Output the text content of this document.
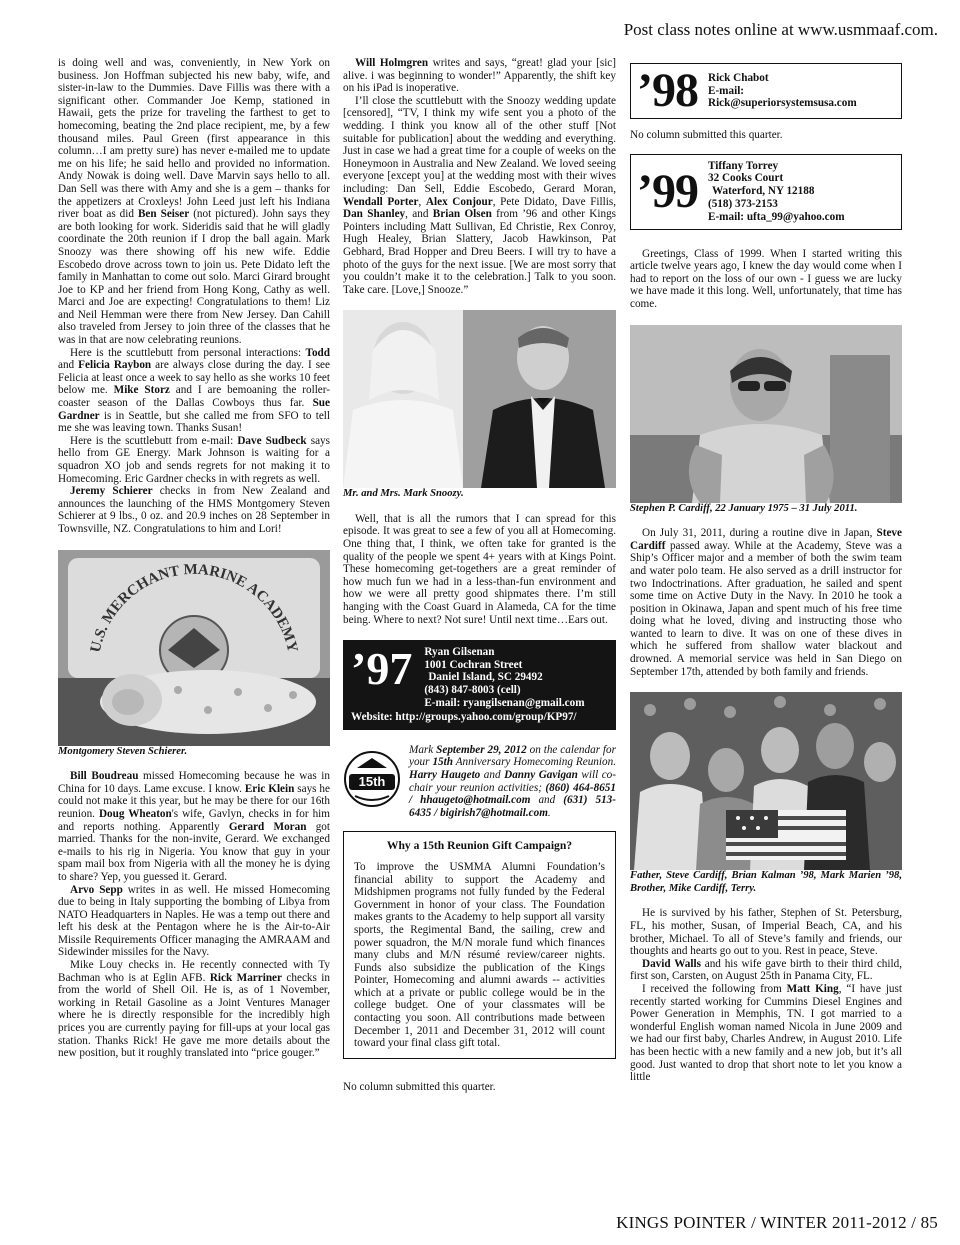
Post class notes online at www.usmmaaf.com.

is doing well and was, conveniently, in New York on business. Jon Hoffman subjected his new baby, wife, and sister-in-law to the Dummies. Dave Fillis was there with a significant other. Commander Joe Kemp, stationed in Hawaii, gets the prize for traveling the farthest to get to homecoming, beating the 2nd place recipient, me, by a few thousand miles. Paul Green (first appearance in this column…I am pretty sure) has never e-mailed me to update me on his life; he said hello and provided no information. Andy Nowak is doing well. Dave Marvin says hello to all. Dan Sell was there with Amy and she is a gem – thanks for the appetizers at Croxleys! John Leed just left his Indiana river boat as did Ben Seiser (not pictured). John says they are both looking for work. Sideridis said that he will gladly coordinate the 20th reunion if I drop the ball again. Mark Snoozy was there showing off his new wife. Eddie Escobedo drove across town to join us. Pete Didato left the family in Manhattan to come out solo. Marci Girard brought Joe to KP and her friend from Hong Kong, Cathy as well. Marci and Joe are expecting! Congratulations to them! Liz and Neil Hemman were there from New Jersey. Dan Cahill also traveled from Jersey to join three of the classes that he was in that are now celebrating reunions.

Here is the scuttlebutt from personal interactions: Todd and Felicia Raybon are always close during the day. I see Felicia at least once a week to say hello as she works 10 feet below me. Mike Storz and I are bemoaning the roller-coaster season of the Dallas Cowboys thus far. Sue Gardner is in Seattle, but she called me from SFO to tell me she was leaving town. Thanks Susan!

Here is the scuttlebutt from e-mail: Dave Sudbeck says hello from GE Energy. Mark Johnson is waiting for a squadron XO job and sends regrets for not making it to Homecoming. Eric Gardner checks in with regrets as well.

Jeremy Schierer checks in from New Zealand and announces the launching of the HMS Montgomery Steven Schierer at 9 lbs., 0 oz. and 20.9 inches on 28 September in Townsville, NZ. Congratulations to him and Lori!

U.S. MERCHANT MARINE ACADEMY

Montgomery Steven Schierer.

Bill Boudreau missed Homecoming because he was in China for 10 days. Lame excuse. I know. Eric Klein says he could not make it this year, but he may be there for our 16th reunion. Doug Wheaton's wife, Gavlyn, checks in for him and reports nothing. Apparently Gerard Moran got married. Thanks for the non-invite, Gerard. We exchanged e-mails to his rig in Nigeria. You know that guy in your spam mail box from Nigeria with all the money he is dying to share? Yep, you guessed it. Gerard.

Arvo Sepp writes in as well. He missed Homecoming due to being in Italy supporting the bombing of Libya from NATO Headquarters in Naples. He was a temp out there and left his desk at the Pentagon where he is the Air-to-Air Missile Requirements Officer managing the AMRAAM and Sidewinder missiles for the Navy.

Mike Louy checks in. He recently connected with Ty Bachman who is at Eglin AFB. Rick Marriner checks in from the world of Shell Oil. He is, as of 1 November, working in Retail Gasoline as a Joint Ventures Manager where he is directly responsible for the incredibly high prices you are currently paying for fill-ups at your local gas station. Thanks Rick! He gave me more details about the new position, but it roughly translated into “price gouger.”

Will Holmgren writes and says, “great! glad your [sic] alive. i was beginning to wonder!” Apparently, the shift key on his iPad is inoperative.

I’ll close the scuttlebutt with the Snoozy wedding update [censored], “TV, I think my wife sent you a photo of the wedding. I think you know all of the other stuff [Not suitable for publication] about the wedding and everything. Just in case we had a great time for a couple of weeks on the Honeymoon in Australia and New Zealand. We loved seeing everyone [except you] at the wedding most with their wives including: Dan Sell, Eddie Escobedo, Gerard Moran, Wendall Porter, Alex Conjour, Pete Didato, Dave Fillis, Dan Shanley, and Brian Olsen from ’96 and other Kings Pointers including Matt Sullivan, Ed Christie, Rex Conroy, Hugh Healey, Brian Slattery, Jacob Hawkinson, Pat Gebhard, Brad Hopper and Dreu Beers. I will try to have a photo of the guys for the next issue. [We are most sorry that you couldn’t make it to the celebration.] Talk to you soon. Take care. [Love,] Snooze.”

Mr. and Mrs. Mark Snoozy.

Well, that is all the rumors that I can spread for this episode. It was great to see a few of you all at Homecoming. One thing that, I think, we often take for granted is the quality of the people we spent 4+ years with at Kings Point. These homecoming get-togethers are a great reminder of how much fun we had in a less-than-fun environment and how we were all pretty good shipmates there. I’m still hanging with the Coast Guard in Alameda, CA for the time being. Where to next? Not sure! Until next time…Ears out.

’97 Ryan Gilsenan
1001 Cochran Street
Daniel Island, SC 29492
(843) 847-8003 (cell)
E-mail: ryangilsenan@gmail.com
Website: http://groups.yahoo.com/group/KP97/
15th
Mark September 29, 2012 on the calendar for your 15th Anniversary Homecoming Reunion. Harry Haugeto and Danny Gavigan will co-chair your reunion activities; (860) 464-8651 / hhaugeto@hotmail.com and (631) 513-6435 / bigirish7@hotmail.com.
Why a 15th Reunion Gift Campaign?
To improve the USMMA Alumni Foundation’s financial ability to support the Academy and Midshipmen programs not fully funded by the Federal Government in honor of your class. The Foundation makes grants to the Academy to help support all varsity sports, the Regimental Band, the sailing, crew and power squadron, the M/N morale fund which finances many clubs and M/N résumé review/career nights. Funds also subsidize the publication of the Kings Pointer, Homecoming and alumni awards -- activities which at a private or public college would be in the college budget. One of your classmates will be contacting you soon. All contributions made between December 1, 2011 and December 31, 2012 will count toward your final class gift total.

No column submitted this quarter.

’98 Rick Chabot
E-mail:
Rick@superiorsystemsusa.com

No column submitted this quarter.

’99 Tiffany Torrey
32 Cooks Court
Waterford, NY 12188
(518) 373-2153
E-mail: ufta_99@yahoo.com

Greetings, Class of 1999. When I started writing this article twelve years ago, I knew the day would come when I had to report on the loss of our own - I guess we are lucky we have made it this long. Well, unfortunately, that time has come.

Stephen P. Cardiff, 22 January 1975 – 31 July 2011.

On July 31, 2011, during a routine dive in Japan, Steve Cardiff passed away. While at the Academy, Steve was a Ship’s Officer major and a member of both the swim team and water polo team. He also served as a drill instructor for two Indoctrinations. After graduation, he sailed and spent some time on Active Duty in the Navy. In 2010 he took a position in Okinawa, Japan and spent much of his free time doing what he loved, diving and instructing those who wanted to learn to dive. It was on one of these dives in which he suffered from shallow water blackout and drowned. A memorial service was held in San Diego on September 17th, attended by both family and friends.

Father, Steve Cardiff, Brian Kalman ’98, Mark Marien ’98, Brother, Mike Cardiff, Terry.

He is survived by his father, Stephen of St. Petersburg, FL, his mother, Susan, of Imperial Beach, CA, and his brother, Michael. To all of Steve’s family and friends, our thoughts and hearts go out to you. Rest in peace, Steve.

David Walls and his wife gave birth to their third child, first son, Carsten, on August 25th in Panama City, FL.

I received the following from Matt King, “I have just recently started working for Cummins Diesel Engines and Power Generation in Memphis, TN. I got married to a wonderful English woman named Nicola in June 2009 and we had our first baby, Charles Andrew, in August 2010. Life has been hectic with a new family and a new job, but it’s all good. Just wanted to drop that short note to let you know a little

KINGS POINTER / WINTER 2011-2012 / 85
